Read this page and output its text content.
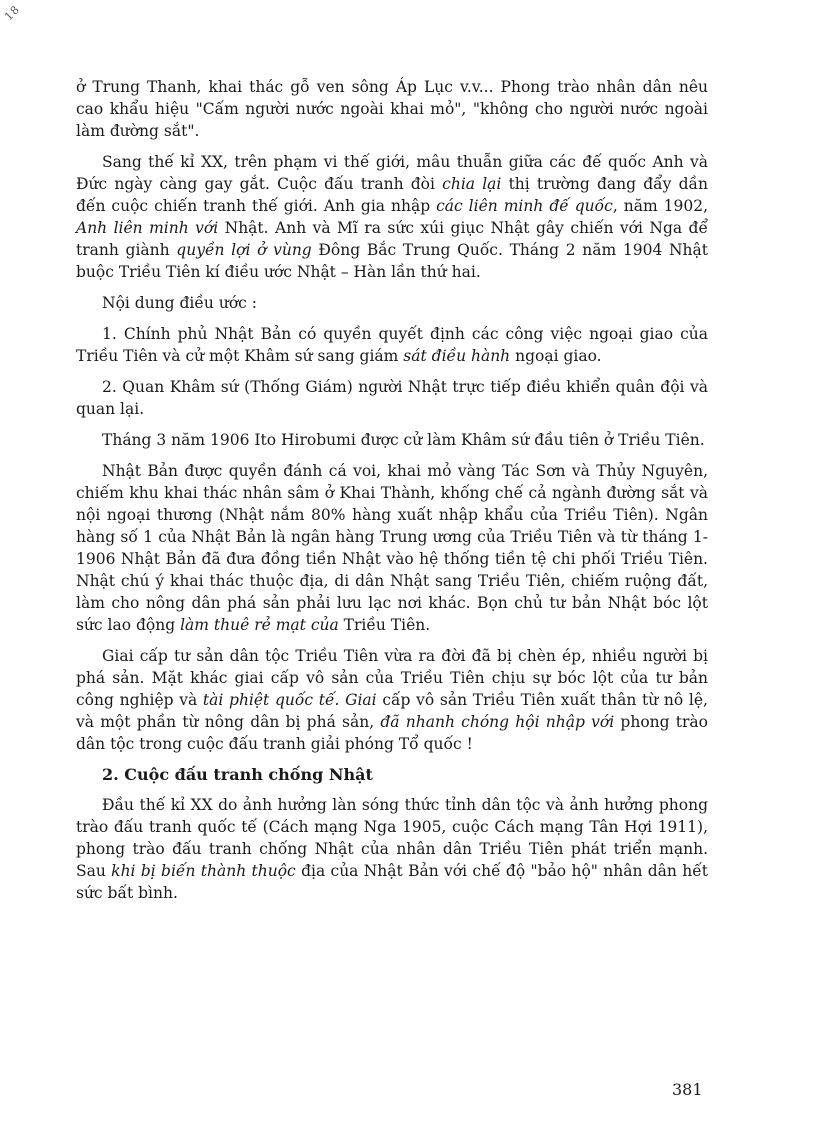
18

ở Trung Thanh, khai thác gỗ ven sông Áp Lục v.v... Phong trào nhân dân nêu cao khẩu hiệu "Cấm người nước ngoài khai mỏ", "không cho người nước ngoài làm đường sắt".

Sang thế kỉ XX, trên phạm vi thế giới, mâu thuẫn giữa các đế quốc Anh và Đức ngày càng gay gắt. Cuộc đấu tranh đòi chia lại thị trường đang đẩy dần đến cuộc chiến tranh thế giới. Anh gia nhập các liên minh đế quốc, năm 1902, Anh liên minh với Nhật. Anh và Mĩ ra sức xúi giục Nhật gây chiến với Nga để tranh giành quyền lợi ở vùng Đông Bắc Trung Quốc. Tháng 2 năm 1904 Nhật buộc Triều Tiên kí điều ước Nhật – Hàn lần thứ hai.

Nội dung điều ước :

1. Chính phủ Nhật Bản có quyền quyết định các công việc ngoại giao của Triều Tiên và cử một Khâm sứ sang giám sát điều hành ngoại giao.

2. Quan Khâm sứ (Thống Giám) người Nhật trực tiếp điều khiển quân đội và quan lại.

Tháng 3 năm 1906 Ito Hirobumi được cử làm Khâm sứ đầu tiên ở Triều Tiên.

Nhật Bản được quyền đánh cá voi, khai mỏ vàng Tác Sơn và Thủy Nguyên, chiếm khu khai thác nhân sâm ở Khai Thành, khống chế cả ngành đường sắt và nội ngoại thương (Nhật nắm 80% hàng xuất nhập khẩu của Triều Tiên). Ngân hàng số 1 của Nhật Bản là ngân hàng Trung ương của Triều Tiên và từ tháng 1-1906 Nhật Bản đã đưa đồng tiền Nhật vào hệ thống tiền tệ chi phối Triều Tiên. Nhật chú ý khai thác thuộc địa, di dân Nhật sang Triều Tiên, chiếm ruộng đất, làm cho nông dân phá sản phải lưu lạc nơi khác. Bọn chủ tư bản Nhật bóc lột sức lao động làm thuê rẻ mạt của Triều Tiên.

Giai cấp tư sản dân tộc Triều Tiên vừa ra đời đã bị chèn ép, nhiều người bị phá sản. Mặt khác giai cấp vô sản của Triều Tiên chịu sự bóc lột của tư bản công nghiệp và tài phiệt quốc tế. Giai cấp vô sản Triều Tiên xuất thân từ nô lệ, và một phần từ nông dân bị phá sản, đã nhanh chóng hội nhập với phong trào dân tộc trong cuộc đấu tranh giải phóng Tổ quốc !

2. Cuộc đấu tranh chống Nhật

Đầu thế kỉ XX do ảnh hưởng làn sóng thức tỉnh dân tộc và ảnh hưởng phong trào đấu tranh quốc tế (Cách mạng Nga 1905, cuộc Cách mạng Tân Hợi 1911), phong trào đấu tranh chống Nhật của nhân dân Triều Tiên phát triển mạnh. Sau khi bị biến thành thuộc địa của Nhật Bản với chế độ "bảo hộ" nhân dân hết sức bất bình.

381
